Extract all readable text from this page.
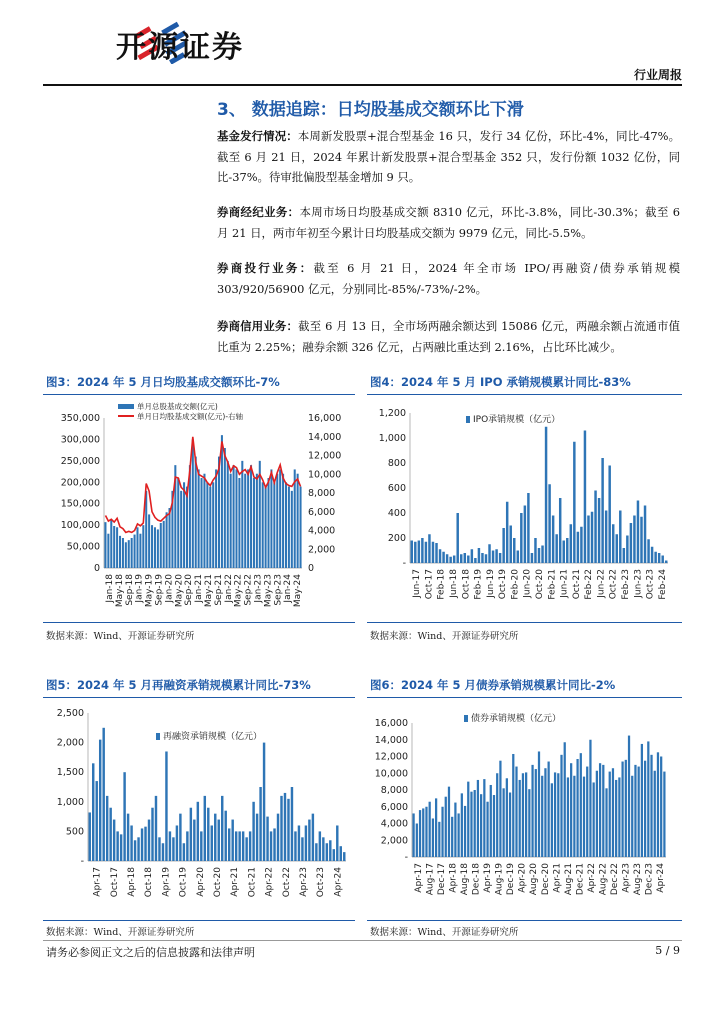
开源证券
行业周报
3、 数据追踪：日均股基成交额环比下滑
基金发行情况：本周新发股票+混合型基金 16 只，发行 34 亿份，环比-4%，同比-47%。截至 6 月 21 日，2024 年累计新发股票+混合型基金 352 只，发行份额 1032 亿份，同比-37%。待审批偏股型基金增加 9 只。
券商经纪业务：本周市场日均股基成交额 8310 亿元，环比-3.8%，同比-30.3%；截至 6 月 21 日，两市年初至今累计日均股基成交额为 9979 亿元，同比-5.5%。
券商投行业务：截至 6 月 21 日，2024 年全市场 IPO/再融资/债券承销规模 303/920/56900 亿元，分别同比-85%/-73%/-2%。
券商信用业务：截至 6 月 13 日，全市场两融余额达到 15086 亿元，两融余额占流通市值比重为 2.25%；融券余额 326 亿元，占两融比重达到 2.16%，占比环比减少。
图3：2024 年 5 月日均股基成交额环比-7%	图4：2024 年 5 月 IPO 承销规模累计同比-83%
数据来源：Wind、开源证券研究所	数据来源：Wind、开源证券研究所
图5：2024 年 5 月再融资承销规模累计同比-73%	图6：2024 年 5 月债券承销规模累计同比-2%
数据来源：Wind、开源证券研究所	数据来源：Wind、开源证券研究所
350,000
300,000
250,000
200,000
150,000
100,000
50,000
0
16,000
14,000
12,000
10,000
8,000
6,000
4,000
2,000
0
Jan-18 May-18 Sep-18 Jan-19 May-19 Sep-19 Jan-20 May-20 Sep-20 Jan-21 May-21 Sep-21 Jan-22 May-22 Sep-22 Jan-23 May-23 Sep-23 Jan-24 May-24
单月总股基成交额(亿元)
单月日均股基成交额(亿元)-右轴	1,200
1,000
800
600
400
200
-
Jun-17 Oct-17 Feb-18 Jun-18 Oct-18 Feb-19 Jun-19 Oct-19 Feb-20 Jun-20 Oct-20 Feb-21 Jun-21 Oct-21 Feb-22 Jun-22 Oct-22 Feb-23 Jun-23 Oct-23 Feb-24
IPO承销规模（亿元）
2,500
2,000
1,500
1,000
500
-
Apr-17 Oct-17 Apr-18 Oct-18 Apr-19 Oct-19 Apr-20 Oct-20 Apr-21 Oct-21 Apr-22 Oct-22 Apr-23 Oct-23 Apr-24
再融资承销规模（亿元）
16,000
14,000
12,000
10,000
8,000
6,000
4,000
2,000
-
Apr-17 Aug-17 Dec-17 Apr-18 Aug-18 Dec-18 Apr-19 Aug-19 Dec-19 Apr-20 Aug-20 Dec-20 Apr-21 Aug-21 Dec-21 Apr-22 Aug-22 Dec-22 Apr-23 Aug-23 Dec-23 Apr-24
债券承销规模（亿元）
请务必参阅正文之后的信息披露和法律声明	5 / 9
